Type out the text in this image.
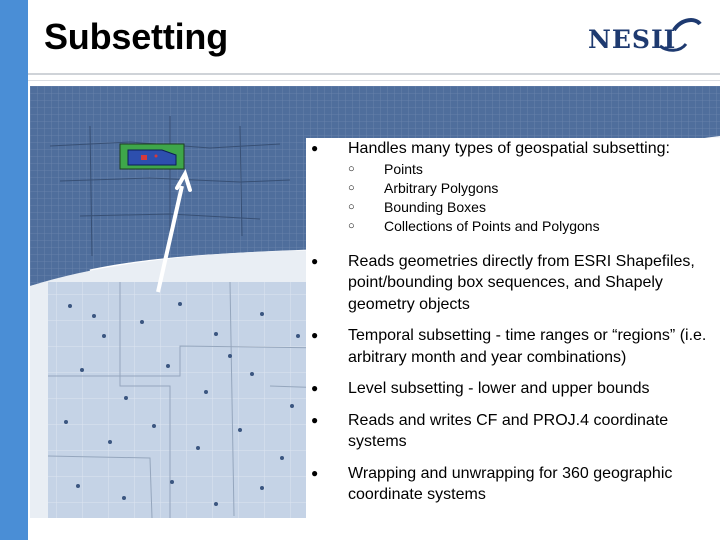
Subsetting	NESII
● Handles many types of geospatial subsetting:
○ Points
○ Arbitrary Polygons
○ Bounding Boxes
○ Collections of Points and Polygons
● Reads geometries directly from ESRI Shapefiles, point/bounding box sequences, and Shapely geometry objects
● Temporal subsetting - time ranges or “regions” (i.e. arbitrary month and year combinations)
● Level subsetting - lower and upper bounds
● Reads and writes CF and PROJ.4 coordinate systems
● Wrapping and unwrapping for 360 geographic coordinate systems
